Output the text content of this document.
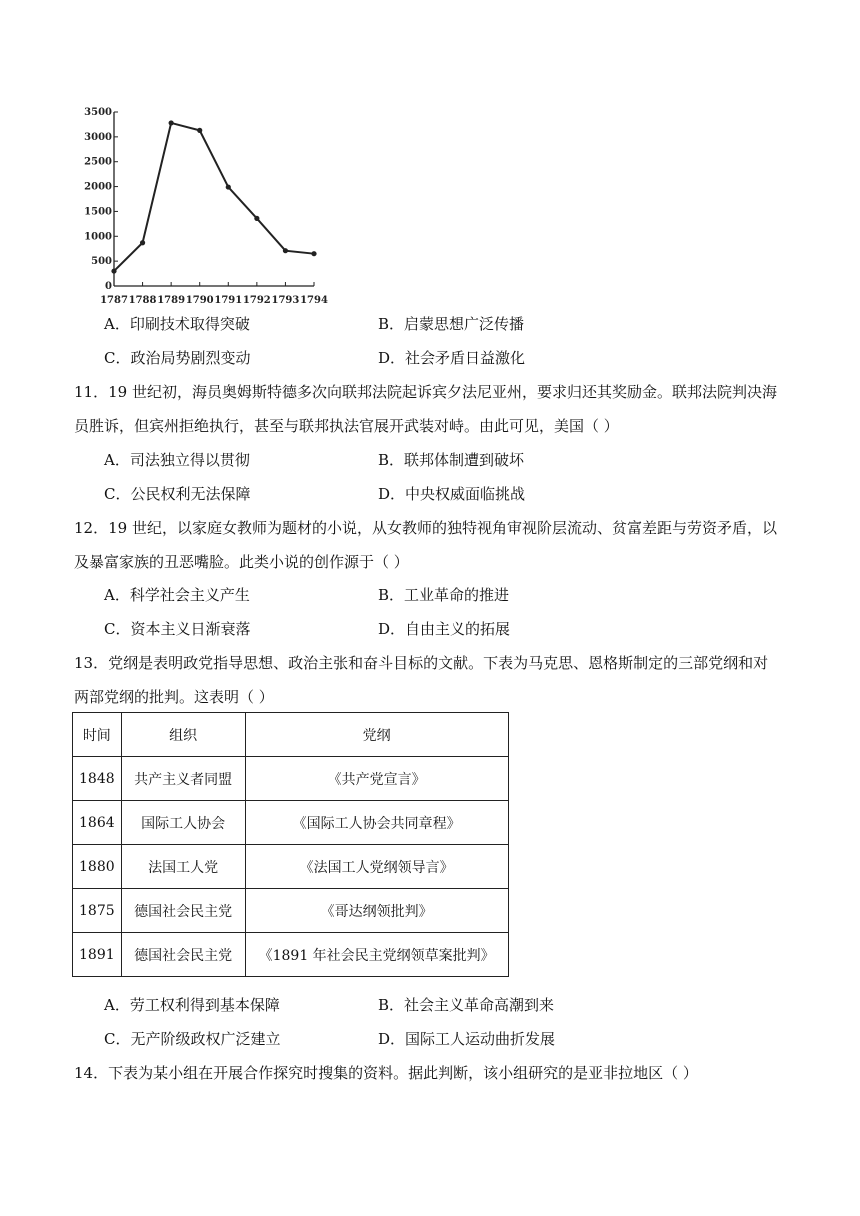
0
500
1000
1500
2000
2500
3000
3500
1787 1788 1789 1790 1791 1792 1793 1794
A．印刷技术取得突破	B．启蒙思想广泛传播
C．政治局势剧烈变动	D．社会矛盾日益激化
11．19 世纪初，海员奥姆斯特德多次向联邦法院起诉宾夕法尼亚州，要求归还其奖励金。联邦法院判决海
员胜诉，但宾州拒绝执行，甚至与联邦执法官展开武装对峙。由此可见，美国（ ）
A．司法独立得以贯彻	B．联邦体制遭到破坏
C．公民权利无法保障	D．中央权威面临挑战
12．19 世纪，以家庭女教师为题材的小说，从女教师的独特视角审视阶层流动、贫富差距与劳资矛盾，以
及暴富家族的丑恶嘴脸。此类小说的创作源于（ ）
A．科学社会主义产生	B．工业革命的推进
C．资本主义日渐衰落	D．自由主义的拓展
13．党纲是表明政党指导思想、政治主张和奋斗目标的文献。下表为马克思、恩格斯制定的三部党纲和对
两部党纲的批判。这表明（ ）
时间	组织	党纲
1848	共产主义者同盟	《共产党宣言》
1864	国际工人协会	《国际工人协会共同章程》
1880	法国工人党	《法国工人党纲领导言》
1875	德国社会民主党	《哥达纲领批判》
1891	德国社会民主党	《1891 年社会民主党纲领草案批判》
A．劳工权利得到基本保障	B．社会主义革命高潮到来
C．无产阶级政权广泛建立	D．国际工人运动曲折发展
14．下表为某小组在开展合作探究时搜集的资料。据此判断，该小组研究的是亚非拉地区（ ）
